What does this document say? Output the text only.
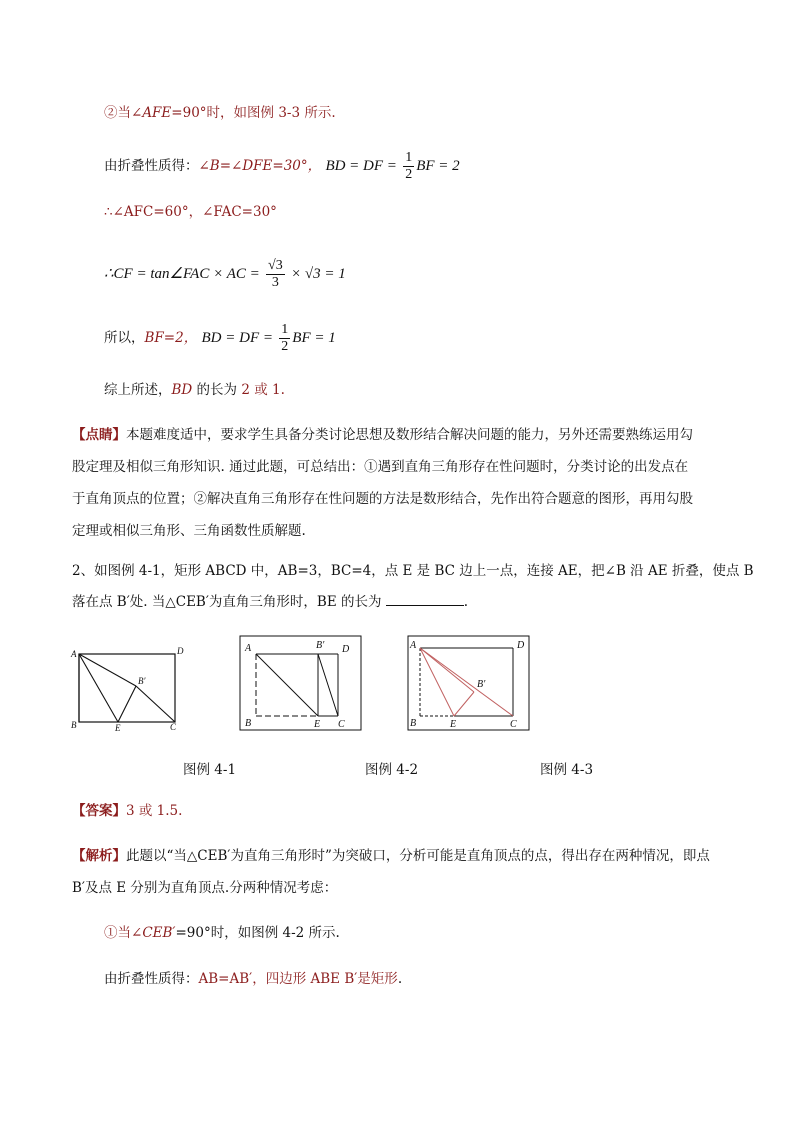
②当∠AFE=90°时，如图例 3-3 所示.
由折叠性质得：∠B=∠DFE=30°， BD = DF = $\frac{1}{2}$ BF = 2
∴∠AFC=60°，∠FAC=30°
∴CF = tan∠FAC × AC = $\frac{√3}{3} \times √3 = 1$
所以，BF=2， BD = DF = $\frac{1}{2}$ BF = 1
综上所述，BD 的长为 2 或 1.
【点睛】本题难度适中，要求学生具备分类讨论思想及数形结合解决问题的能力，另外还需要熟练运用勾
股定理及相似三角形知识. 通过此题，可总结出：①遇到直角三角形存在性问题时，分类讨论的出发点在
于直角顶点的位置；②解决直角三角形存在性问题的方法是数形结合，先作出符合题意的图形，再用勾股
定理或相似三角形、三角函数性质解题.
2、如图例 4-1，矩形 ABCD 中，AB=3，BC=4，点 E 是 BC 边上一点，连接 AE，把∠B 沿 AE 折叠，使点 B
落在点 B′处. 当△CEB′为直角三角形时，BE 的长为	.
A	D
B	C
E
B′
A	D
B′
B	E C
A	D
B′
B	E	C
图例 4-1	图例 4-2	图例 4-3
【答案】3 或 1.5.
【解析】此题以“当△CEB′为直角三角形时”为突破口，分析可能是直角顶点的点，得出存在两种情况，即点
B′及点 E 分别为直角顶点.分两种情况考虑：
①当∠CEB′=90°时，如图例 4-2 所示.
由折叠性质得：AB=AB′，四边形 ABE B′是矩形.
